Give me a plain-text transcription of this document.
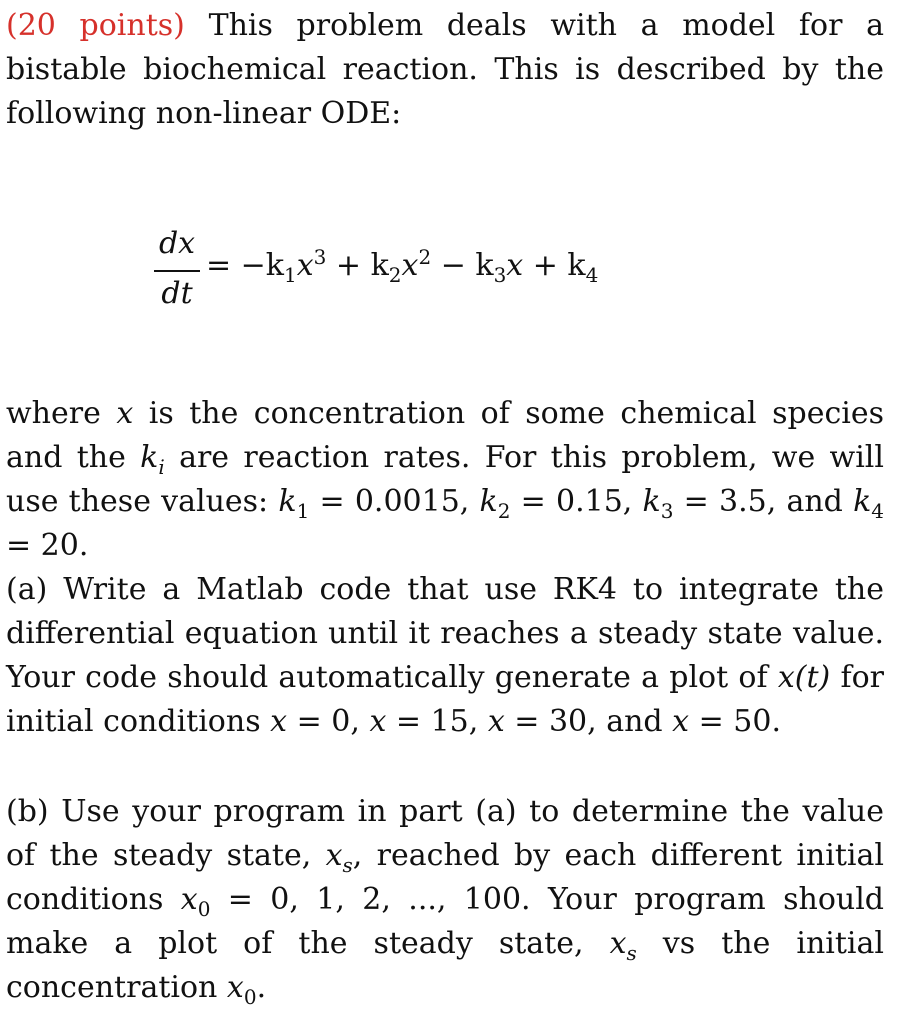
(20 points) This problem deals with a model for a bistable biochemical reaction. This is described by the following non-linear ODE:

dx
dt
= $-k_1x^3 + k_2x^2 - k_3x + k_4$

where x is the concentration of some chemical species and the $k_i$ are reaction rates. For this problem, we will use these values: $k_1 = 0.0015$, $k_2 = 0.15$, $k_3 = 3.5$, and $k_4 = 20$.

(a) Write a Matlab code that use RK4 to integrate the differential equation until it reaches a steady state value. Your code should automatically generate a plot of x(t) for initial conditions x = 0, x = 15, x = 30, and x = 50.

(b) Use your program in part (a) to determine the value of the steady state, $x_s$, reached by each different initial conditions $x_0 = 0$, 1, 2, ..., 100. Your program should make a plot of the steady state, $x_s$ vs the initial concentration $x_0$.
